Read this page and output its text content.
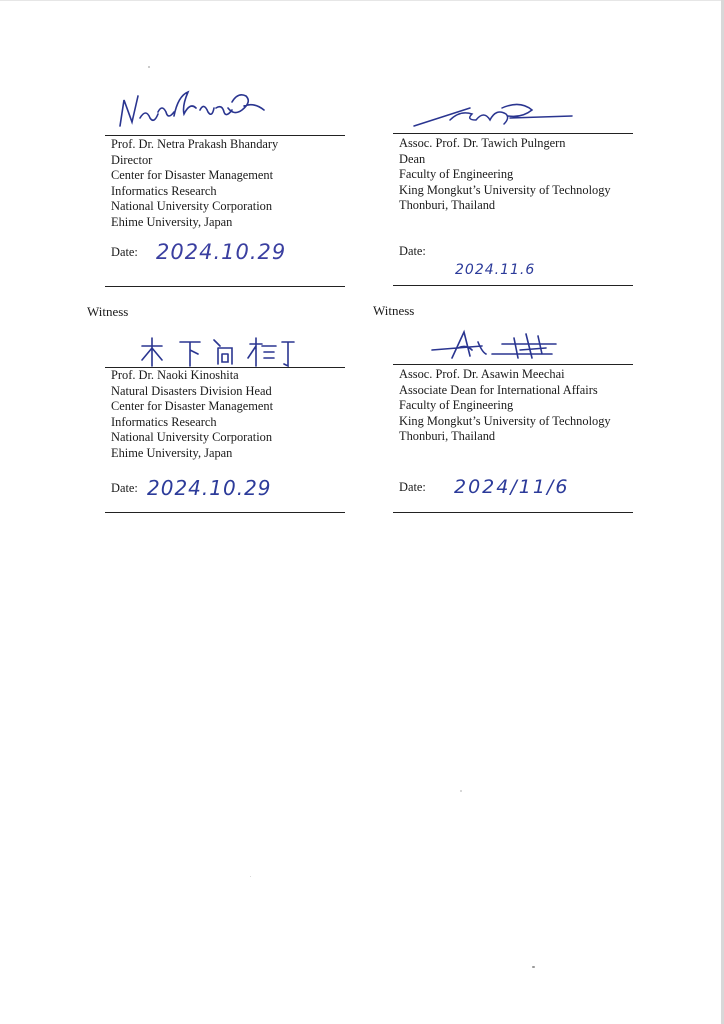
Prof. Dr. Netra Prakash Bhandary
Director
Center for Disaster Management
Informatics Research
National University Corporation
Ehime University, Japan
Date: 2024.10.29
Assoc. Prof. Dr. Tawich Pulngern
Dean
Faculty of Engineering
King Mongkut’s University of Technology
Thonburi, Thailand
Date:
2024.11.6
Witness
Prof. Dr. Naoki Kinoshita
Natural Disasters Division Head
Center for Disaster Management
Informatics Research
National University Corporation
Ehime University, Japan
Date: 2024.10.29
Witness
Assoc. Prof. Dr. Asawin Meechai
Associate Dean for International Affairs
Faculty of Engineering
King Mongkut’s University of Technology
Thonburi, Thailand
Date: 2024/11/6
